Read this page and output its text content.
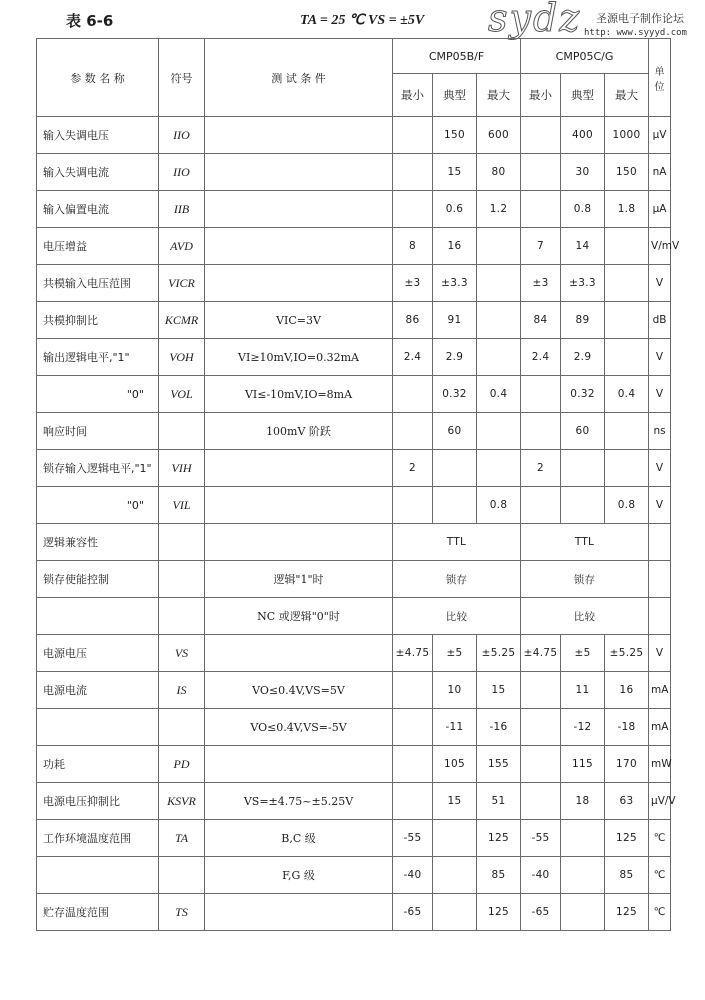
表 6-6	TA = 25 ℃ VS = ±5V sydz 圣源电子制作论坛
http: www.syyyd.com
参 数 名 称	符号	测 试 条 件	CMP05B/F			CMP05C/G			单 位
			最小	典型	最大	最小	典型	最大	
输入失调电压	IIO			150	600		400	1000	μV
输入失调电流	IIO			15	80		30	150	nA
输入偏置电流	IIB			0.6	1.2		0.8	1.8	μA
电压增益	AVD		8	16		7	14		V/mV
共模输入电压范围	VICR		±3	±3.3		±3	±3.3		V
共模抑制比	KCMR	VIC=3V	86	91		84	89		dB
输出逻辑电平,"1"	VOH	VI≥10mV,IO=0.32mA	2.4	2.9		2.4	2.9		V
"0"	VOL	VI≤-10mV,IO=8mA		0.32	0.4		0.32	0.4	V
响应时间		100mV 阶跃		60			60		ns
锁存输入逻辑电平,"1"	VIH		2			2			V
"0"	VIL				0.8			0.8	V
逻辑兼容性			TTL			TTL			
锁存使能控制		逻辑"1"时	锁存			锁存			
		NC 或逻辑"0"时	比较			比较			
电源电压	VS		±4.75	±5	±5.25	±4.75	±5	±5.25	V
电源电流	IS	VO≤0.4V,VS=5V		10	15		11	16	mA
		VO≤0.4V,VS=-5V		-11	-16		-12	-18	mA
功耗	PD			105	155		115	170	mW
电源电压抑制比	KSVR	VS=±4.75~±5.25V		15	51		18	63	μV/V
工作环境温度范围	TA	B,C 级	-55		125	-55		125	℃
		F,G 级	-40		85	-40		85	℃
贮存温度范围	TS		-65		125	-65		125	℃
